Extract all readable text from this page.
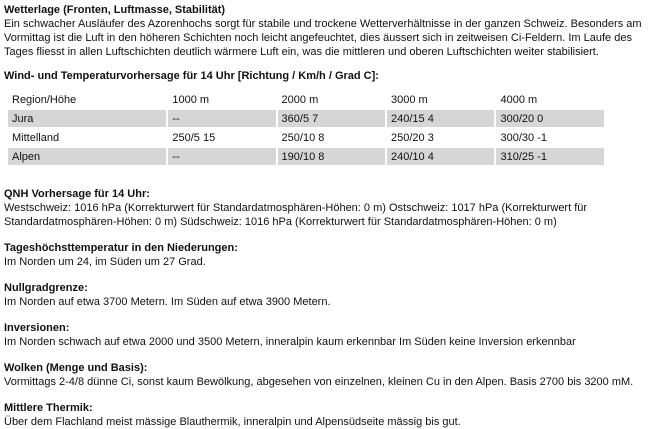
Wetterlage (Fronten, Luftmasse, Stabilität)

Ein schwacher Ausläufer des Azorenhochs sorgt für stabile und trockene Wetterverhältnisse in der ganzen Schweiz. Besonders am Vormittag ist die Luft in den höheren Schichten noch leicht angefeuchtet, dies äussert sich in zeitweisen Ci-Feldern. Im Laufe des Tages fliesst in allen Luftschichten deutlich wärmere Luft ein, was die mittleren und oberen Luftschichten weiter stabilisiert.

Wind- und Temperaturvorhersage für 14 Uhr [Richtung / Km/h / Grad C]:

Region/Höhe	1000 m	2000 m	3000 m	4000 m
Jura	--	360/5 7	240/15 4	300/20 0
Mittelland	250/5 15	250/10 8	250/20 3	300/30 -1
Alpen	--	190/10 8	240/10 4	310/25 -1

QNH Vorhersage für 14 Uhr:

Westschweiz: 1016 hPa (Korrekturwert für Standardatmosphären-Höhen: 0 m) Ostschweiz: 1017 hPa (Korrekturwert für Standardatmosphären-Höhen: 0 m) Südschweiz: 1016 hPa (Korrekturwert für Standardatmosphären-Höhen: 0 m)

Tageshöchsttemperatur in den Niederungen:

Im Norden um 24, im Süden um 27 Grad.

Nullgradgrenze:

Im Norden auf etwa 3700 Metern. Im Süden auf etwa 3900 Metern.

Inversionen:

Im Norden schwach auf etwa 2000 und 3500 Metern, inneralpin kaum erkennbar Im Süden keine Inversion erkennbar

Wolken (Menge und Basis):

Vormittags 2-4/8 dünne Ci, sonst kaum Bewölkung, abgesehen von einzelnen, kleinen Cu in den Alpen. Basis 2700 bis 3200 mM.

Mittlere Thermik:

Über dem Flachland meist mässige Blauthermik, inneralpin und Alpensüdseite mässig bis gut.
